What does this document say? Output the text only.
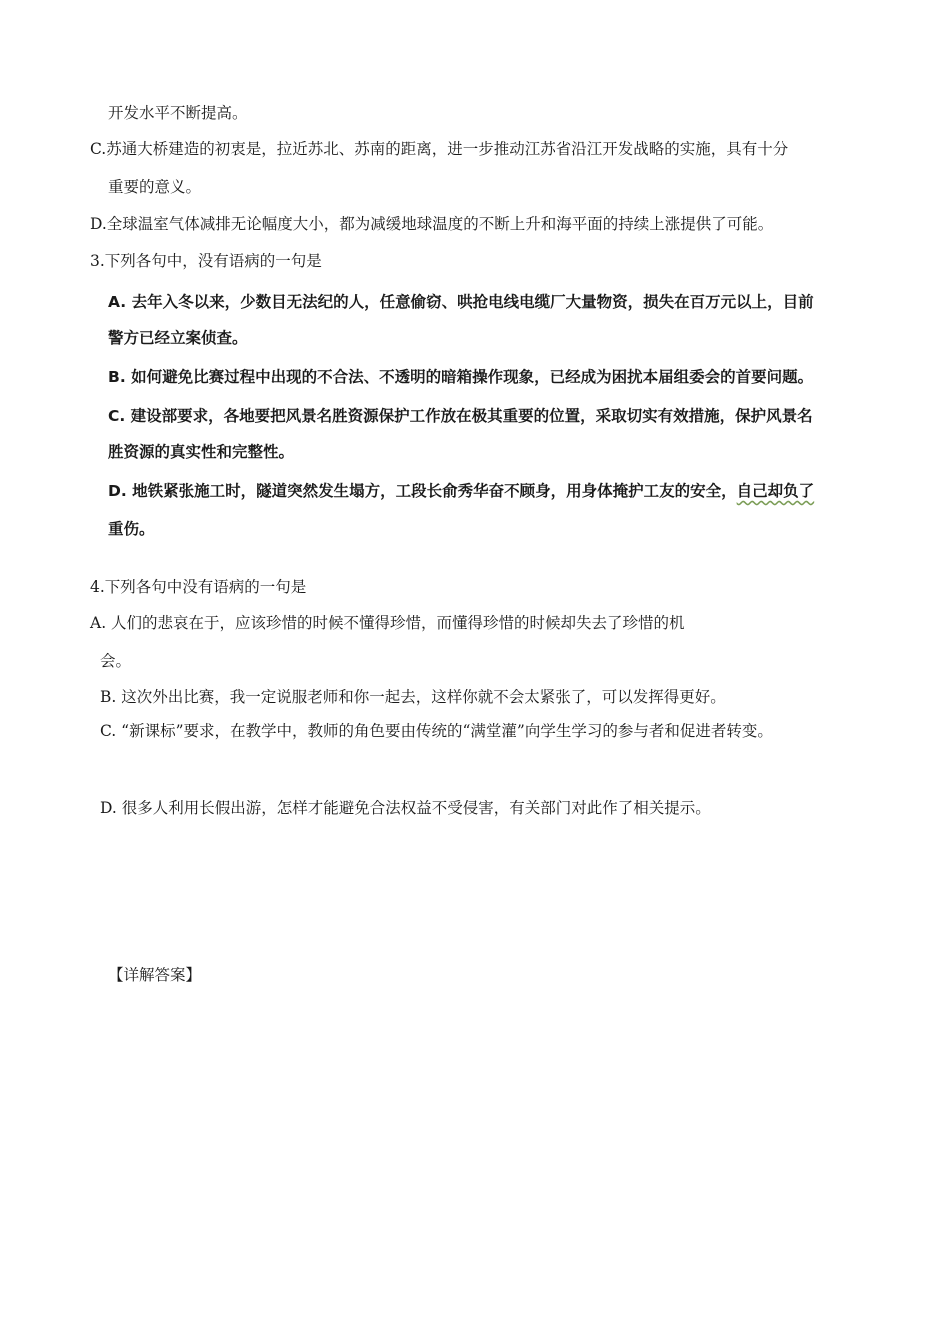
开发水平不断提高。
C.苏通大桥建造的初衷是，拉近苏北、苏南的距离，进一步推动江苏省沿江开发战略的实施，具有十分
重要的意义。
D.全球温室气体减排无论幅度大小，都为减缓地球温度的不断上升和海平面的持续上涨提供了可能。
3.下列各句中，没有语病的一句是
A. 去年入冬以来，少数目无法纪的人，任意偷窃、哄抢电线电缆厂大量物资，损失在百万元以上，目前
警方已经立案侦查。
B. 如何避免比赛过程中出现的不合法、不透明的暗箱操作现象，已经成为困扰本届组委会的首要问题。
C. 建设部要求，各地要把风景名胜资源保护工作放在极其重要的位置，采取切实有效措施，保护风景名
胜资源的真实性和完整性。
D. 地铁紧张施工时，隧道突然发生塌方，工段长俞秀华奋不顾身，用身体掩护工友的安全，自己却负了
重伤。
4.下列各句中没有语病的一句是
A. 人们的悲哀在于，应该珍惜的时候不懂得珍惜，而懂得珍惜的时候却失去了珍惜的机
会。
B. 这次外出比赛，我一定说服老师和你一起去，这样你就不会太紧张了，可以发挥得更好。
C. “新课标”要求，在教学中，教师的角色要由传统的“满堂灌”向学生学习的参与者和促进者转变。
D. 很多人利用长假出游，怎样才能避免合法权益不受侵害，有关部门对此作了相关提示。
【详解答案】
